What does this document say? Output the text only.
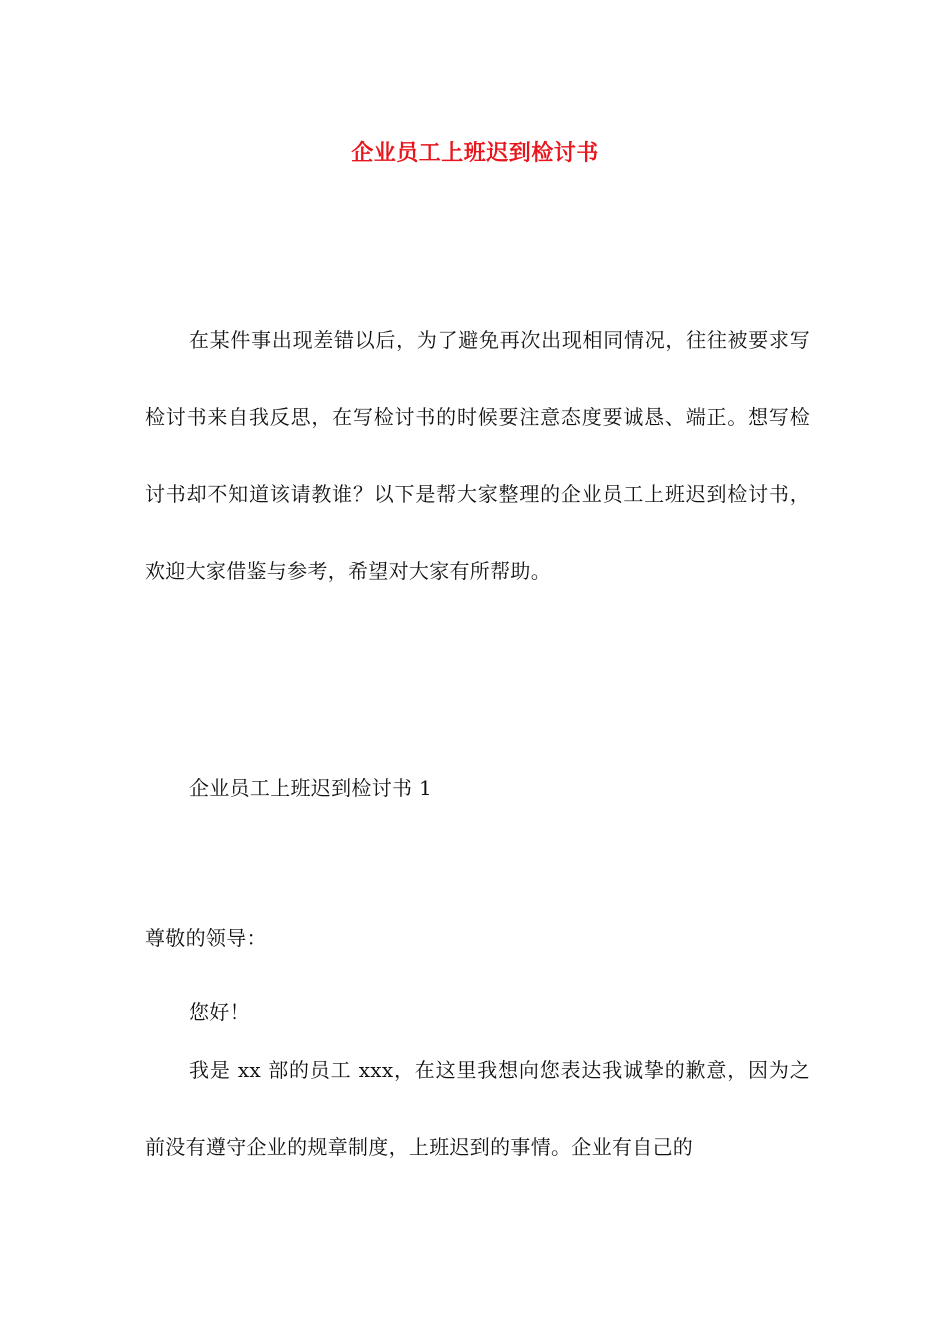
企业员工上班迟到检讨书
在某件事出现差错以后，为了避免再次出现相同情况，往往被要求写检讨书来自我反思，在写检讨书的时候要注意态度要诚恳、端正。想写检讨书却不知道该请教谁？以下是帮大家整理的企业员工上班迟到检讨书，欢迎大家借鉴与参考，希望对大家有所帮助。
企业员工上班迟到检讨书 1
尊敬的领导：
您好！
我是 xx 部的员工 xxx，在这里我想向您表达我诚挚的歉意，因为之前没有遵守企业的规章制度，上班迟到的事情。企业有自己的
